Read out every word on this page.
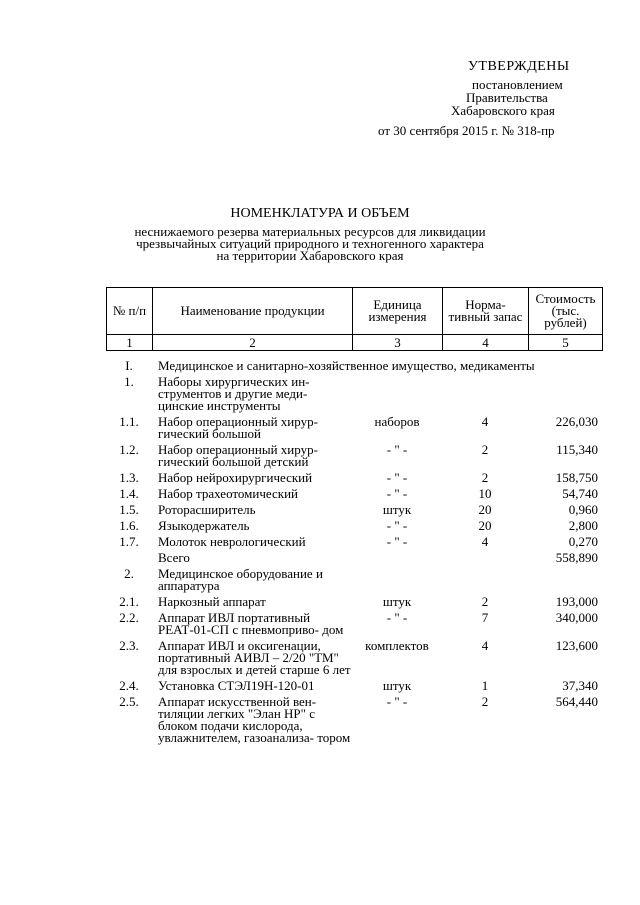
УТВЕРЖДЕНЫ
постановлением
Правительства
Хабаровского края
от 30 сентября 2015 г. № 318-пр
НОМЕНКЛАТУРА И ОБЪЕМ
неснижаемого резерва материальных ресурсов для ликвидации
чрезвычайных ситуаций природного и техногенного характера
на территории Хабаровского края
№ п/п	Наименование продукции	Единица измерения	Норма- тивный запас	Стоимость (тыс. рублей)
1	2	3	4	5
I.	Медицинское и санитарно-хозяйственное имущество, медикаменты			
1.	Наборы хирургических ин- струментов и другие меди- цинские инструменты			
1.1.	Набор операционный хирур- гический большой	наборов	4	226,030
1.2.	Набор операционный хирур- гический большой детский	- " -	2	115,340
1.3.	Набор нейрохирургический	- " -	2	158,750
1.4.	Набор трахеотомический	- " -	10	54,740
1.5.	Роторасширитель	штук	20	0,960
1.6.	Языкодержатель	- " -	20	2,800
1.7.	Молоток неврологический	- " -	4	0,270
	Всего			558,890
2.	Медицинское оборудование и аппаратура			
2.1.	Наркозный аппарат	штук	2	193,000
2.2.	Аппарат ИВЛ портативный РЕАТ-01-СП с пневмоприво- дом	- " -	7	340,000
2.3.	Аппарат ИВЛ и оксигенации, портативный АИВЛ – 2/20 "ТМ" для взрослых и детей старше 6 лет	комплектов	4	123,600
2.4.	Установка СТЭЛ19Н-120-01	штук	1	37,340
2.5.	Аппарат искусственной вен- тиляции легких "Элан НР" с блоком подачи кислорода, увлажнителем, газоанализа- тором	- " -	2	564,440
